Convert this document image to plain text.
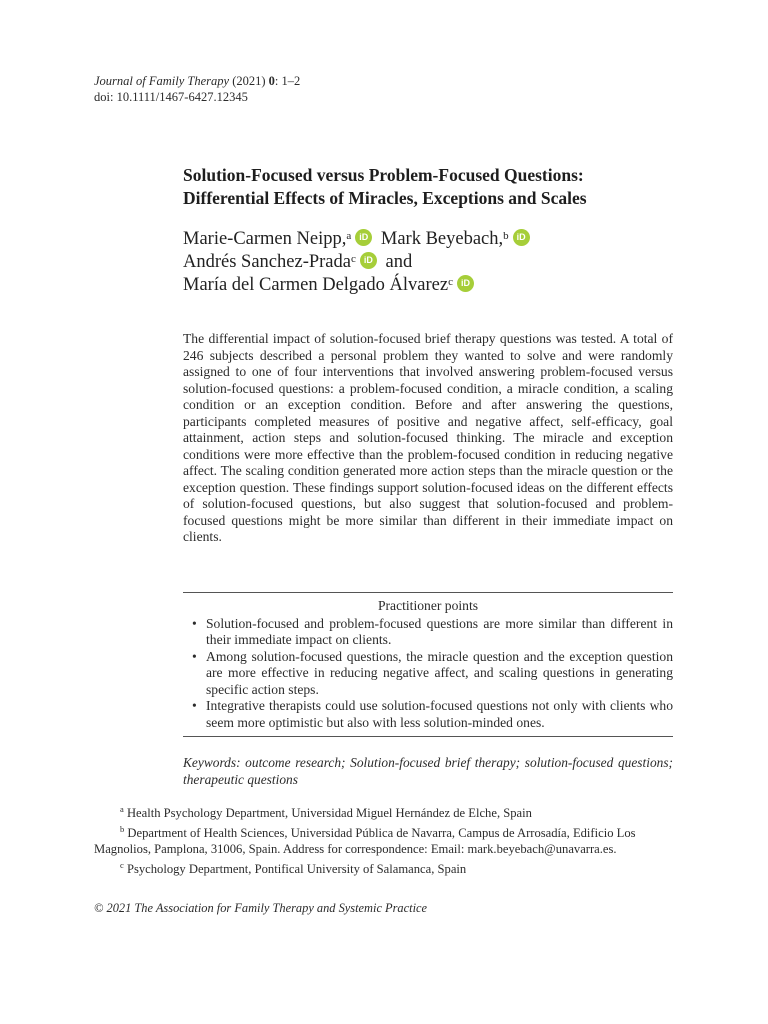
Journal of Family Therapy (2021) 0: 1–2
doi: 10.1111/1467-6427.12345
Solution-Focused versus Problem-Focused Questions:
Differential Effects of Miracles, Exceptions and Scales
Marie-Carmen Neipp,$^a$ iD Mark Beyebach,$^b$ iD
Andrés Sanchez-Prada$^c$ iD and
María del Carmen Delgado Álvarez$^c$ iD

The differential impact of solution-focused brief therapy questions was tested. A total of 246 subjects described a personal problem they wanted to solve and were randomly assigned to one of four interventions that involved answering problem-focused versus solution-focused questions: a problem-focused condition, a miracle condition, a scaling condition or an exception condition. Before and after answering the questions, participants completed measures of positive and negative affect, self-efficacy, goal attainment, action steps and solution-focused thinking. The miracle and exception conditions were more effective than the problem-focused condition in reducing negative affect. The scaling condition generated more action steps than the miracle question or the exception question. These findings support solution-focused ideas on the different effects of solution-focused questions, but also suggest that solution-focused and problem-focused questions might be more similar than different in their immediate impact on clients.

Practitioner points
• Solution-focused and problem-focused questions are more similar than different in their immediate impact on clients.
• Among solution-focused questions, the miracle question and the exception question are more effective in reducing negative affect, and scaling questions in generating specific action steps.
• Integrative therapists could use solution-focused questions not only with clients who seem more optimistic but also with less solution-minded ones.
Keywords: outcome research; Solution-focused brief therapy; solution-focused questions; therapeutic questions
$^a$ Health Psychology Department, Universidad Miguel Hernández de Elche, Spain
$^b$ Department of Health Sciences, Universidad Pública de Navarra, Campus de Arrosadía, Edificio Los Magnolios, Pamplona, 31006, Spain. Address for correspondence: Email: mark.beyebach@unavarra.es.
$^c$ Psychology Department, Pontifical University of Salamanca, Spain
© 2021 The Association for Family Therapy and Systemic Practice
